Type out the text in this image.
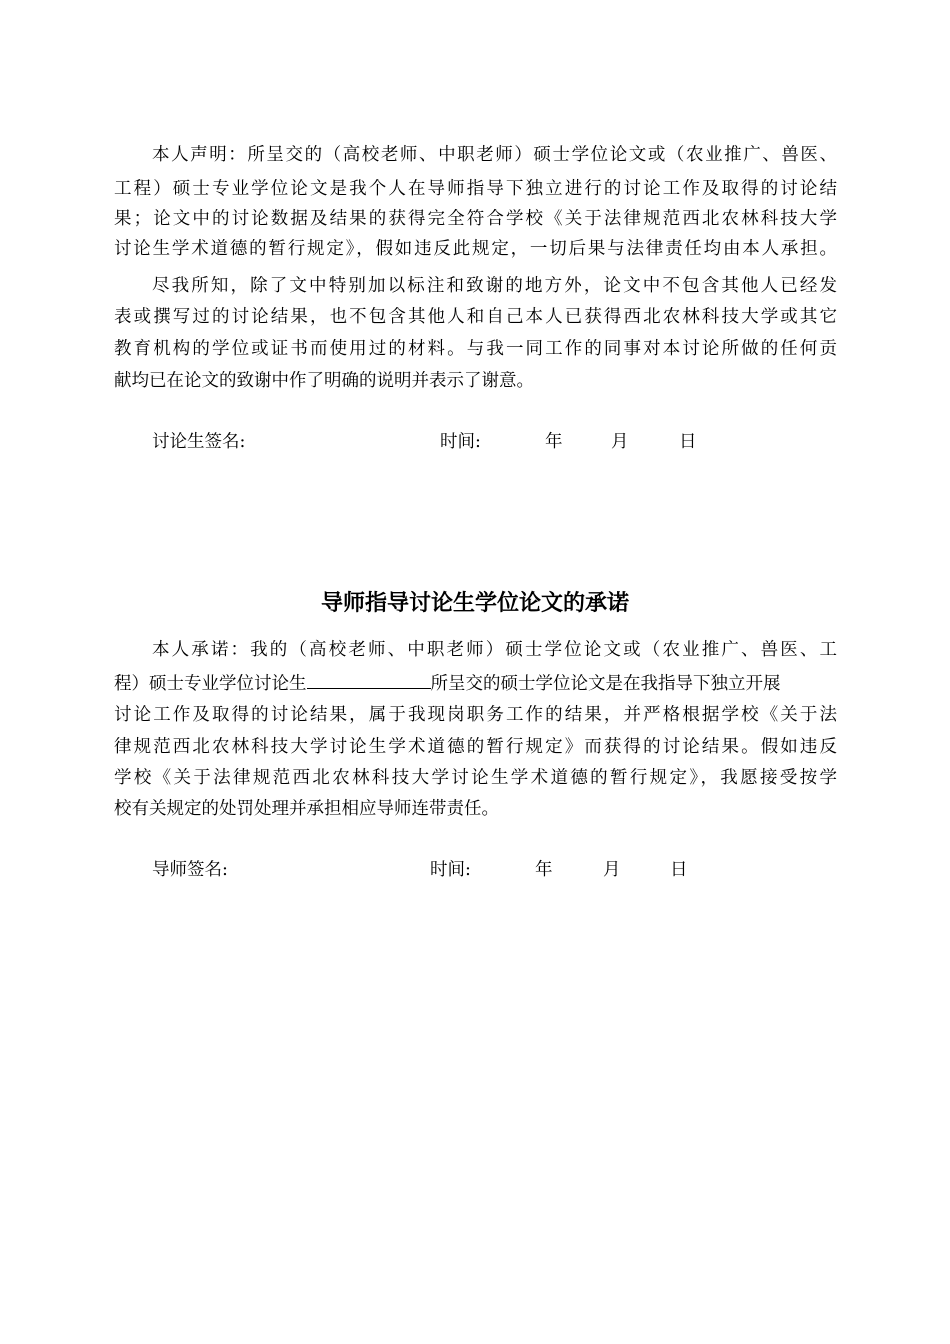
本人声明：所呈交的（高校老师、中职老师）硕士学位论文或（农业推广、兽医、
工程）硕士专业学位论文是我个人在导师指导下独立进行的讨论工作及取得的讨论结
果；论文中的讨论数据及结果的获得完全符合学校《关于法律规范西北农林科技大学
讨论生学术道德的暂行规定》，假如违反此规定，一切后果与法律责任均由本人承担。
尽我所知，除了文中特别加以标注和致谢的地方外，论文中不包含其他人已经发
表或撰写过的讨论结果，也不包含其他人和自己本人已获得西北农林科技大学或其它
教育机构的学位或证书而使用过的材料。与我一同工作的同事对本讨论所做的任何贡
献均已在论文的致谢中作了明确的说明并表示了谢意。
讨论生签名:	时间:	年	月	日
导师指导讨论生学位论文的承诺
本人承诺：我的（高校老师、中职老师）硕士学位论文或（农业推广、兽医、工
程）硕士专业学位讨论生	所呈交的硕士学位论文是在我指导下独立开展
讨论工作及取得的讨论结果，属于我现岗职务工作的结果，并严格根据学校《关于法
律规范西北农林科技大学讨论生学术道德的暂行规定》而获得的讨论结果。假如违反
学校《关于法律规范西北农林科技大学讨论生学术道德的暂行规定》，我愿接受按学
校有关规定的处罚处理并承担相应导师连带责任。
导师签名:	时间:	年	月	日
